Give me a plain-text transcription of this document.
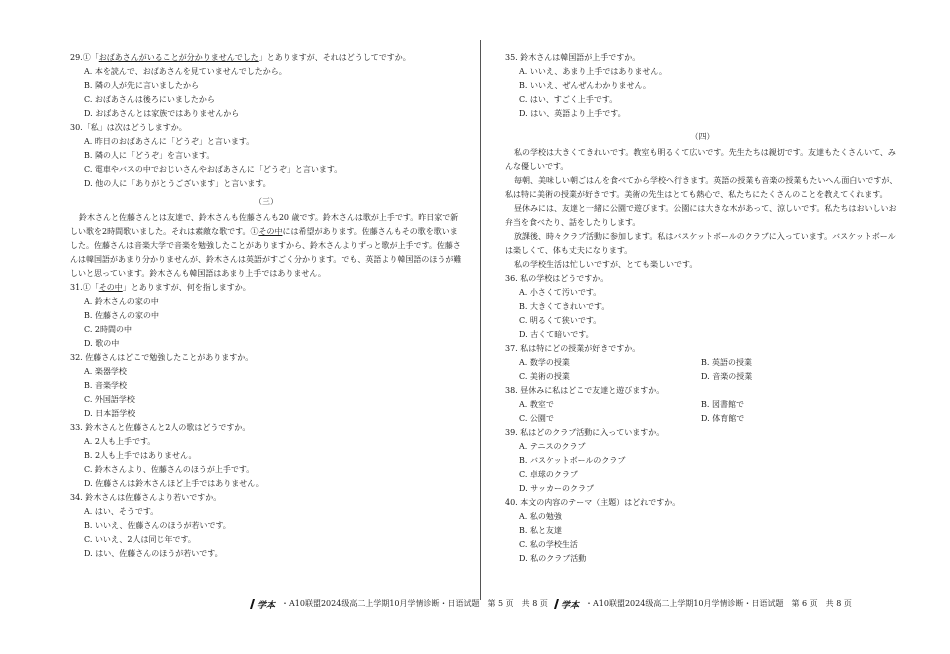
29.①「おばあさんがいることが分かりませんでした」とありますが、それはどうしてですか。
A. 本を読んで、おばあさんを見ていませんでしたから。
B. 隣の人が先に言いましたから
C. おばあさんは後ろにいましたから
D. おばあさんとは家族ではありませんから
30.「私」は次はどうしますか。
A. 昨日のおばあさんに「どうぞ」と言います。
B. 隣の人に「どうぞ」を言います。
C. 電車やバスの中でおじいさんやおばあさんに「どうぞ」と言います。
D. 他の人に「ありがとうございます」と言います。
（三）
鈴木さんと佐藤さんとは友達で、鈴木さんも佐藤さんも20 歳です。鈴木さんは歌が上手です。昨日家で新しい歌を2時間歌いました。それは素敵な歌です。①その中には希望があります。佐藤さんもその歌を歌いました。佐藤さんは音楽大学で音楽を勉強したことがありますから、鈴木さんよりずっと歌が上手です。佐藤さんは韓国語があまり分かりませんが、鈴木さんは英語がすごく分かります。でも、英語より韓国語のほうが難しいと思っています。鈴木さんも韓国語はあまり上手ではありません。
31.①「その中」とありますが、何を指しますか。
A. 鈴木さんの家の中
B. 佐藤さんの家の中
C. 2時間の中
D. 歌の中
32. 佐藤さんはどこで勉強したことがありますか。
A. 楽器学校
B. 音楽学校
C. 外国語学校
D. 日本語学校
33. 鈴木さんと佐藤さんと2人の歌はどうですか。
A. 2人も上手です。
B. 2人も上手ではありません。
C. 鈴木さんより、佐藤さんのほうが上手です。
D. 佐藤さんは鈴木さんほど上手ではありません。
34. 鈴木さんは佐藤さんより若いですか。
A. はい、そうです。
B. いいえ、佐藤さんのほうが若いです。
C. いいえ、2人は同じ年です。
D. はい、佐藤さんのほうが若いです。
35. 鈴木さんは韓国語が上手ですか。
A. いいえ、あまり上手ではありません。
B. いいえ、ぜんぜんわかりません。
C. はい、すごく上手です。
D. はい、英語より上手です。
（四）
私の学校は大きくてきれいです。教室も明るくて広いです。先生たちは親切です。友達もたくさんいて、みんな優しいです。
毎朝、美味しい朝ごはんを食べてから学校へ行きます。英語の授業も音楽の授業もたいへん面白いですが、私は特に美術の授業が好きです。美術の先生はとても熱心で、私たちにたくさんのことを教えてくれます。
昼休みには、友達と一緒に公園で遊びます。公園には大きな木があって、涼しいです。私たちはおいしいお弁当を食べたり、話をしたりします。
放課後、時々クラブ活動に参加します。私はバスケットボールのクラブに入っています。バスケットボールは楽しくて、体も丈夫になります。
私の学校生活は忙しいですが、とても楽しいです。
36. 私の学校はどうですか。
A. 小さくて汚いです。
B. 大きくてきれいです。
C. 明るくて狭いです。
D. 古くて暗いです。
37. 私は特にどの授業が好きですか。
A. 数学の授業	B. 英語の授業
C. 美術の授業	D. 音楽の授業
38. 昼休みに私はどこで友達と遊びますか。
A. 教室で	B. 図書館で
C. 公園で	D. 体育館で
39. 私はどのクラブ活動に入っていますか。
A. テニスのクラブ
B. バスケットボールのクラブ
C. 卓球のクラブ
D. サッカーのクラブ
40. 本文の内容のテーマ（主題）はどれですか。
A. 私の勉強
B. 私と友達
C. 私の学校生活
D. 私のクラブ活動
学本 ・A10联盟2024级高二上学期10月学情诊断・日语试题　第 5 页　共 8 页 学本 ・A10联盟2024级高二上学期10月学情诊断・日语试题　第 6 页　共 8 页
